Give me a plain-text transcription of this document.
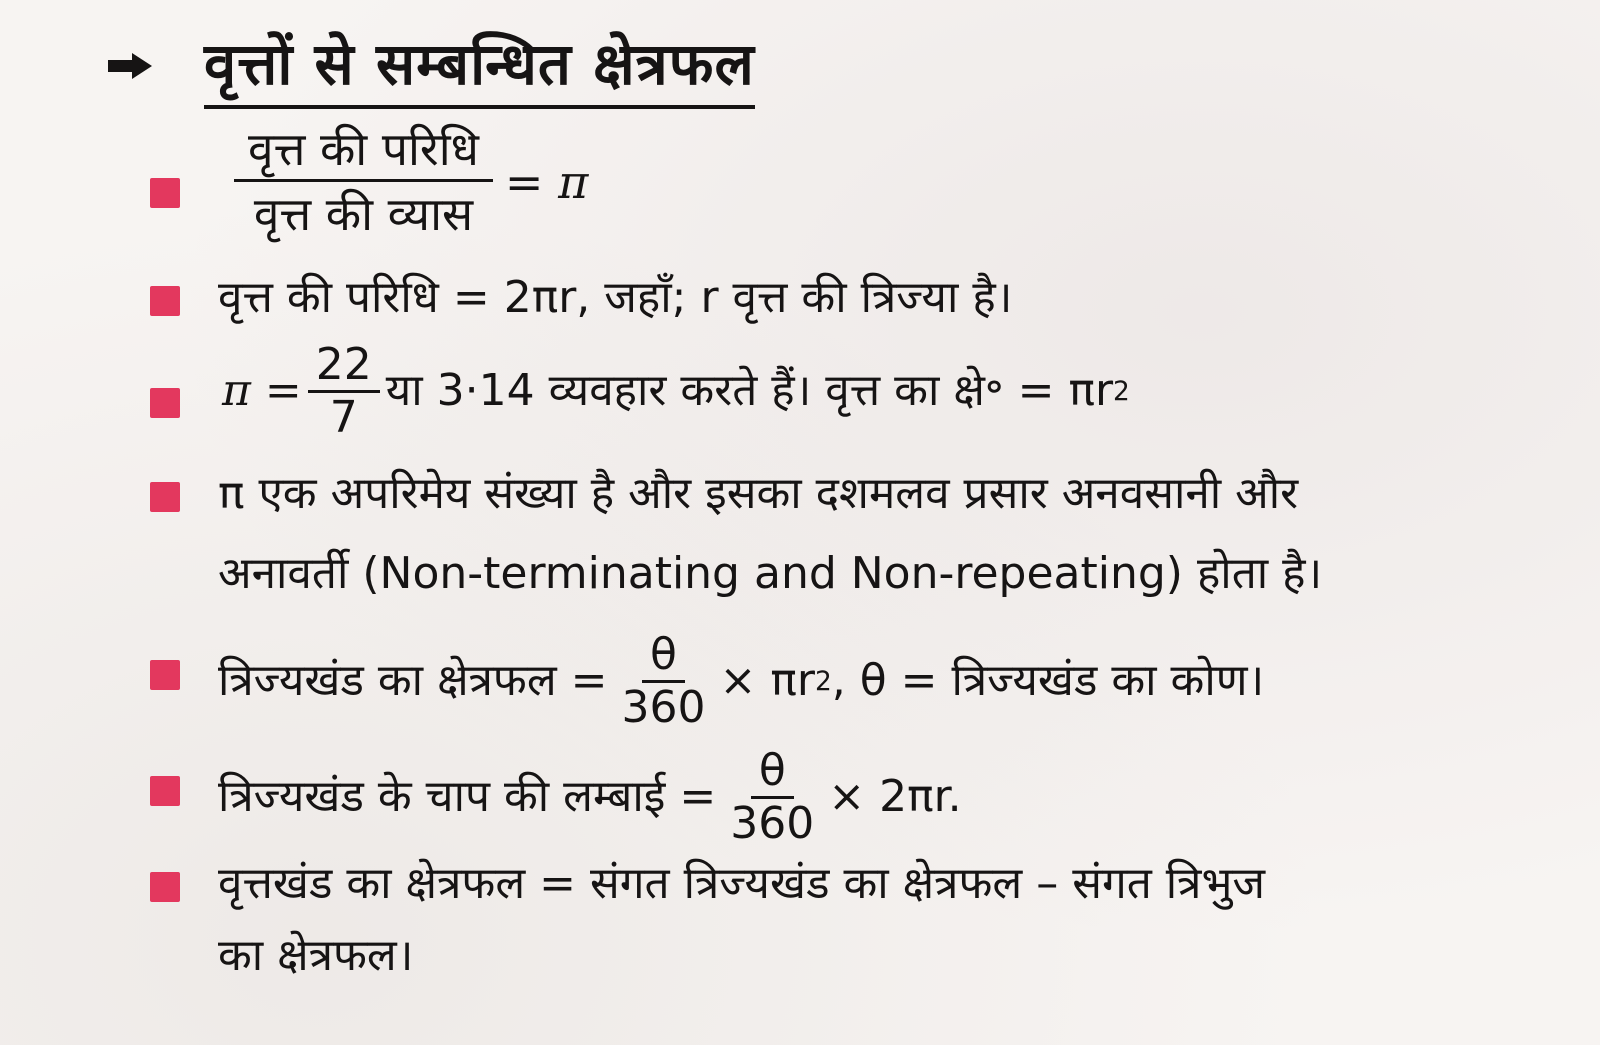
वृत्तों से सम्बन्धित क्षेत्रफल
$\frac{\text{वृत्त की परिधि}}{\text{वृत्त की व्यास}} = \pi$
वृत्त की परिधि = 2πr, जहाँ; r वृत्त की त्रिज्या है।
$\pi = \frac{22}{7}$ या 3·14 व्यवहार करते हैं। वृत्त का क्षे॰ = πr 2
π एक अपरिमेय संख्या है और इसका दशमलव प्रसार अनवसानी और
अनावर्ती (Non-terminating and Non-repeating) होता है।
त्रिज्यखंड का क्षेत्रफल = $\frac{\theta}{360} \times \pi r$ 2 , θ = त्रिज्यखंड का कोण।
त्रिज्यखंड के चाप की लम्बाई = $\frac{\theta}{360} \times 2\pi r$.
वृत्तखंड का क्षेत्रफल = संगत त्रिज्यखंड का क्षेत्रफल – संगत त्रिभुज
का क्षेत्रफल।
